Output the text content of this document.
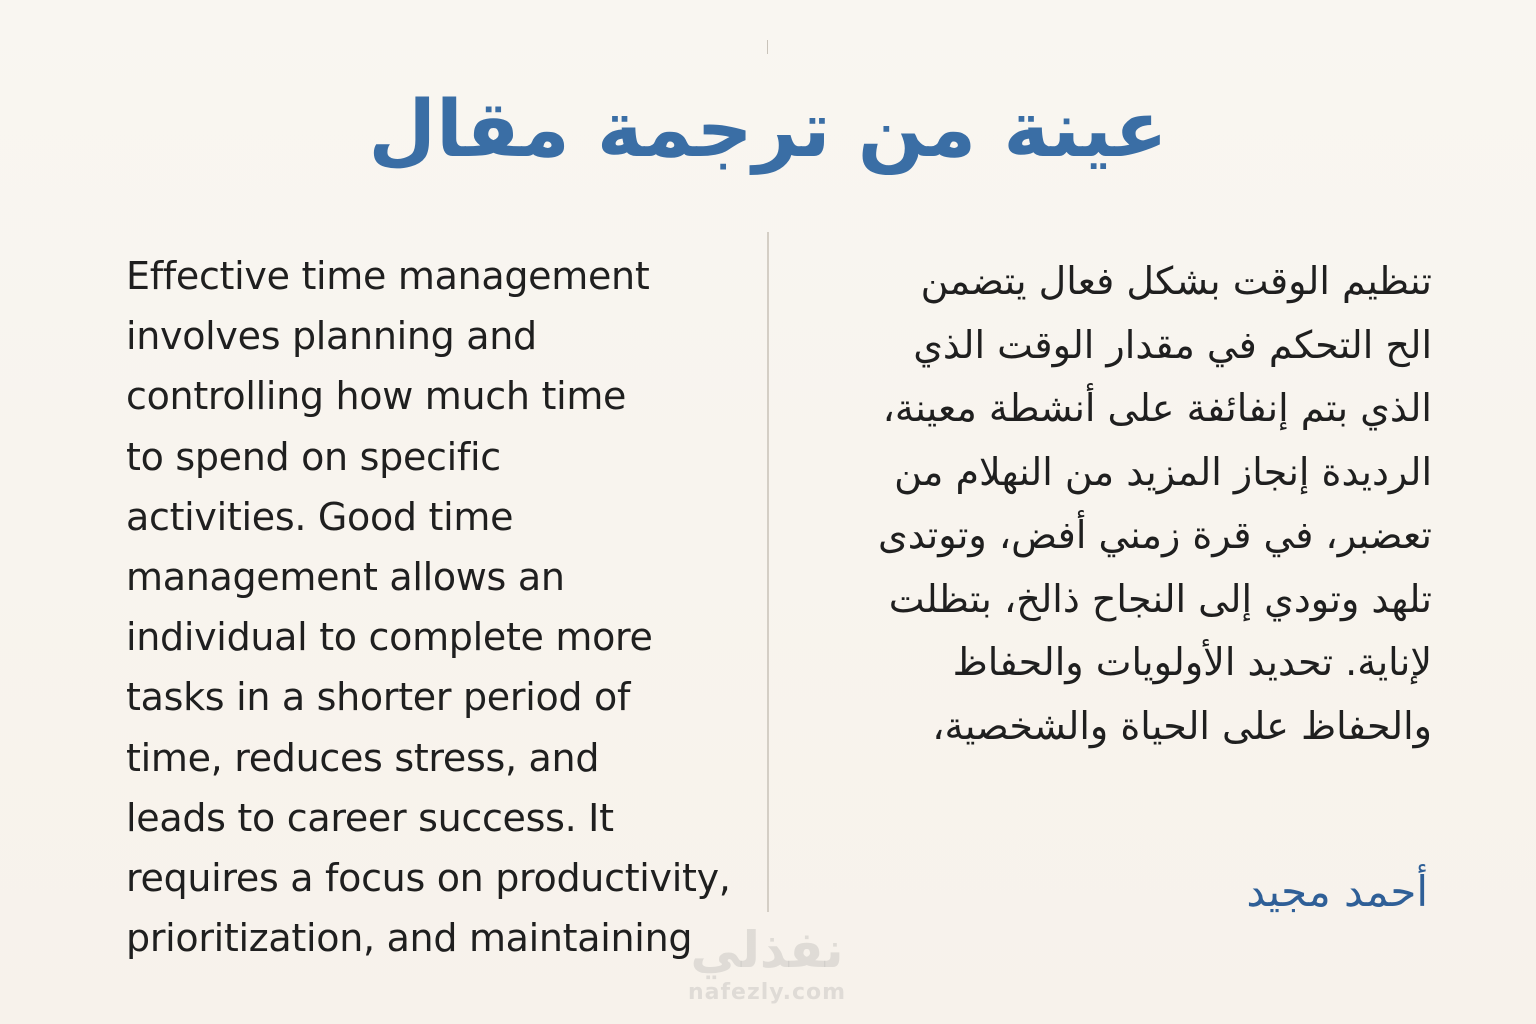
عينة من ترجمة مقال
Effective time management
involves planning and
controlling how much time
to spend on specific
activities. Good time
management allows an
individual to complete more
tasks in a shorter period of
time, reduces stress, and
leads to career success. It
requires a focus on productivity,
prioritization, and maintaining
تنظيم الوقت بشكل فعال يتضمن
الح التحكم في مقدار الوقت الذي
الذي بتم إنفائفة على أنشطة معينة،
الرديدة إنجاز المزيد من النهلام من
تعضبر، في قرة زمني أفض، وتوتدى
تلهد وتودي إلى النجاح ذالخ، بتظلت
لإناية. تحديد الأولويات والحفاظ
والحفاظ على الحياة والشخصية،
أحمد مجيد
نفذلي
nafezly.com
